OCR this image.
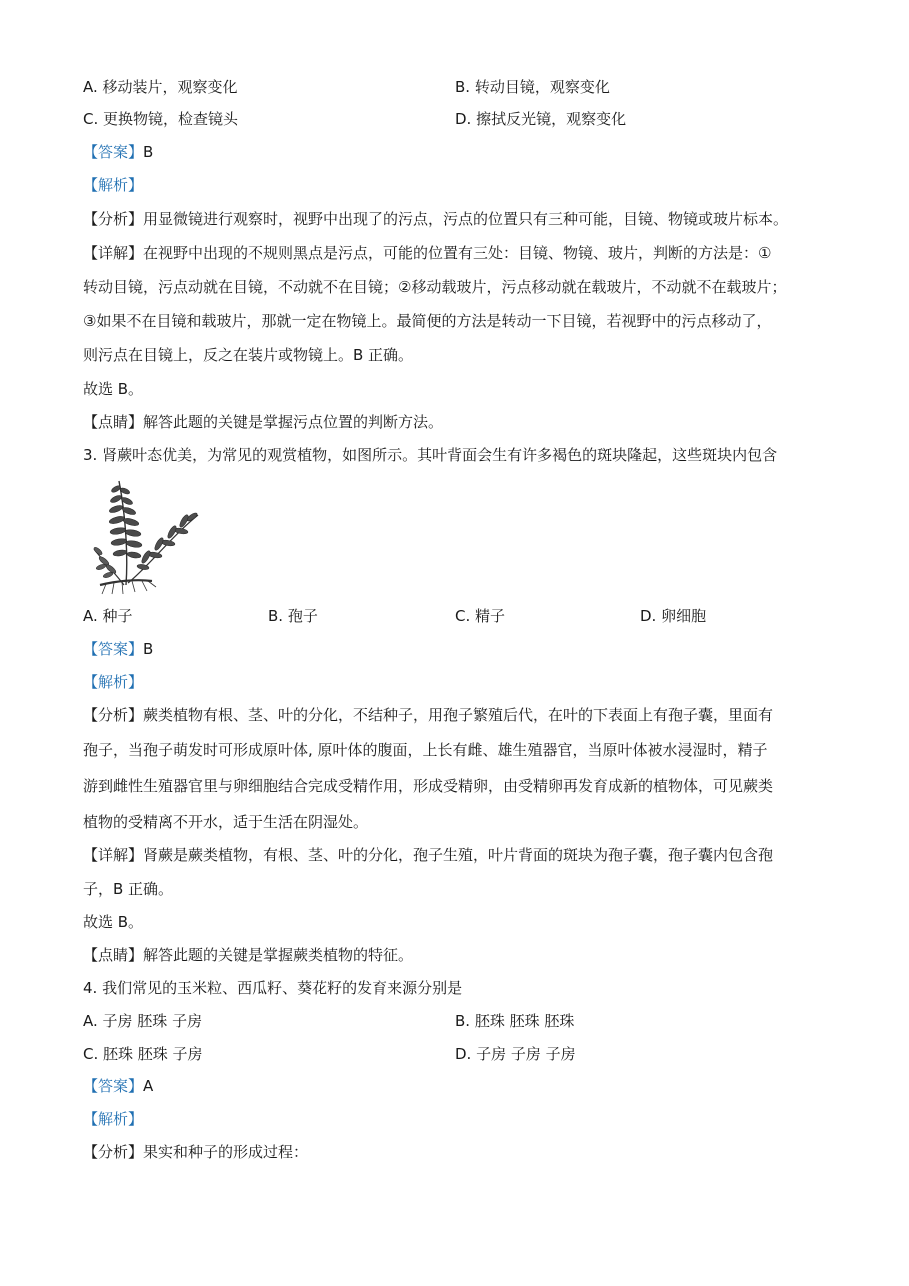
A. 移动装片，观察变化	B. 转动目镜，观察变化
C. 更换物镜，检查镜头	D. 擦拭反光镜，观察变化
【答案】B
【解析】
【分析】用显微镜进行观察时，视野中出现了的污点，污点的位置只有三种可能，目镜、物镜或玻片标本。
【详解】在视野中出现的不规则黑点是污点，可能的位置有三处：目镜、物镜、玻片，判断的方法是：①
转动目镜，污点动就在目镜，不动就不在目镜；②移动载玻片，污点移动就在载玻片，不动就不在载玻片；
③如果不在目镜和载玻片，那就一定在物镜上。最简便的方法是转动一下目镜，若视野中的污点移动了，
则污点在目镜上，反之在装片或物镜上。B 正确。
故选 B。
【点睛】解答此题的关键是掌握污点位置的判断方法。
3. 肾蕨叶态优美，为常见的观赏植物，如图所示。其叶背面会生有许多褐色的斑块隆起，这些斑块内包含
A. 种子	B. 孢子	C. 精子	D. 卵细胞
【答案】B
【解析】
【分析】蕨类植物有根、茎、叶的分化，不结种子，用孢子繁殖后代，在叶的下表面上有孢子囊，里面有
孢子，当孢子萌发时可形成原叶体, 原叶体的腹面，上长有雌、雄生殖器官，当原叶体被水浸湿时，精子
游到雌性生殖器官里与卵细胞结合完成受精作用，形成受精卵，由受精卵再发育成新的植物体，可见蕨类
植物的受精离不开水，适于生活在阴湿处。
【详解】肾蕨是蕨类植物，有根、茎、叶的分化，孢子生殖，叶片背面的斑块为孢子囊，孢子囊内包含孢
子，B 正确。
故选 B。
【点睛】解答此题的关键是掌握蕨类植物的特征。
4. 我们常见的玉米粒、西瓜籽、葵花籽的发育来源分别是
A. 子房 胚珠 子房	B. 胚珠 胚珠 胚珠
C. 胚珠 胚珠 子房	D. 子房 子房 子房
【答案】A
【解析】
【分析】果实和种子的形成过程：
